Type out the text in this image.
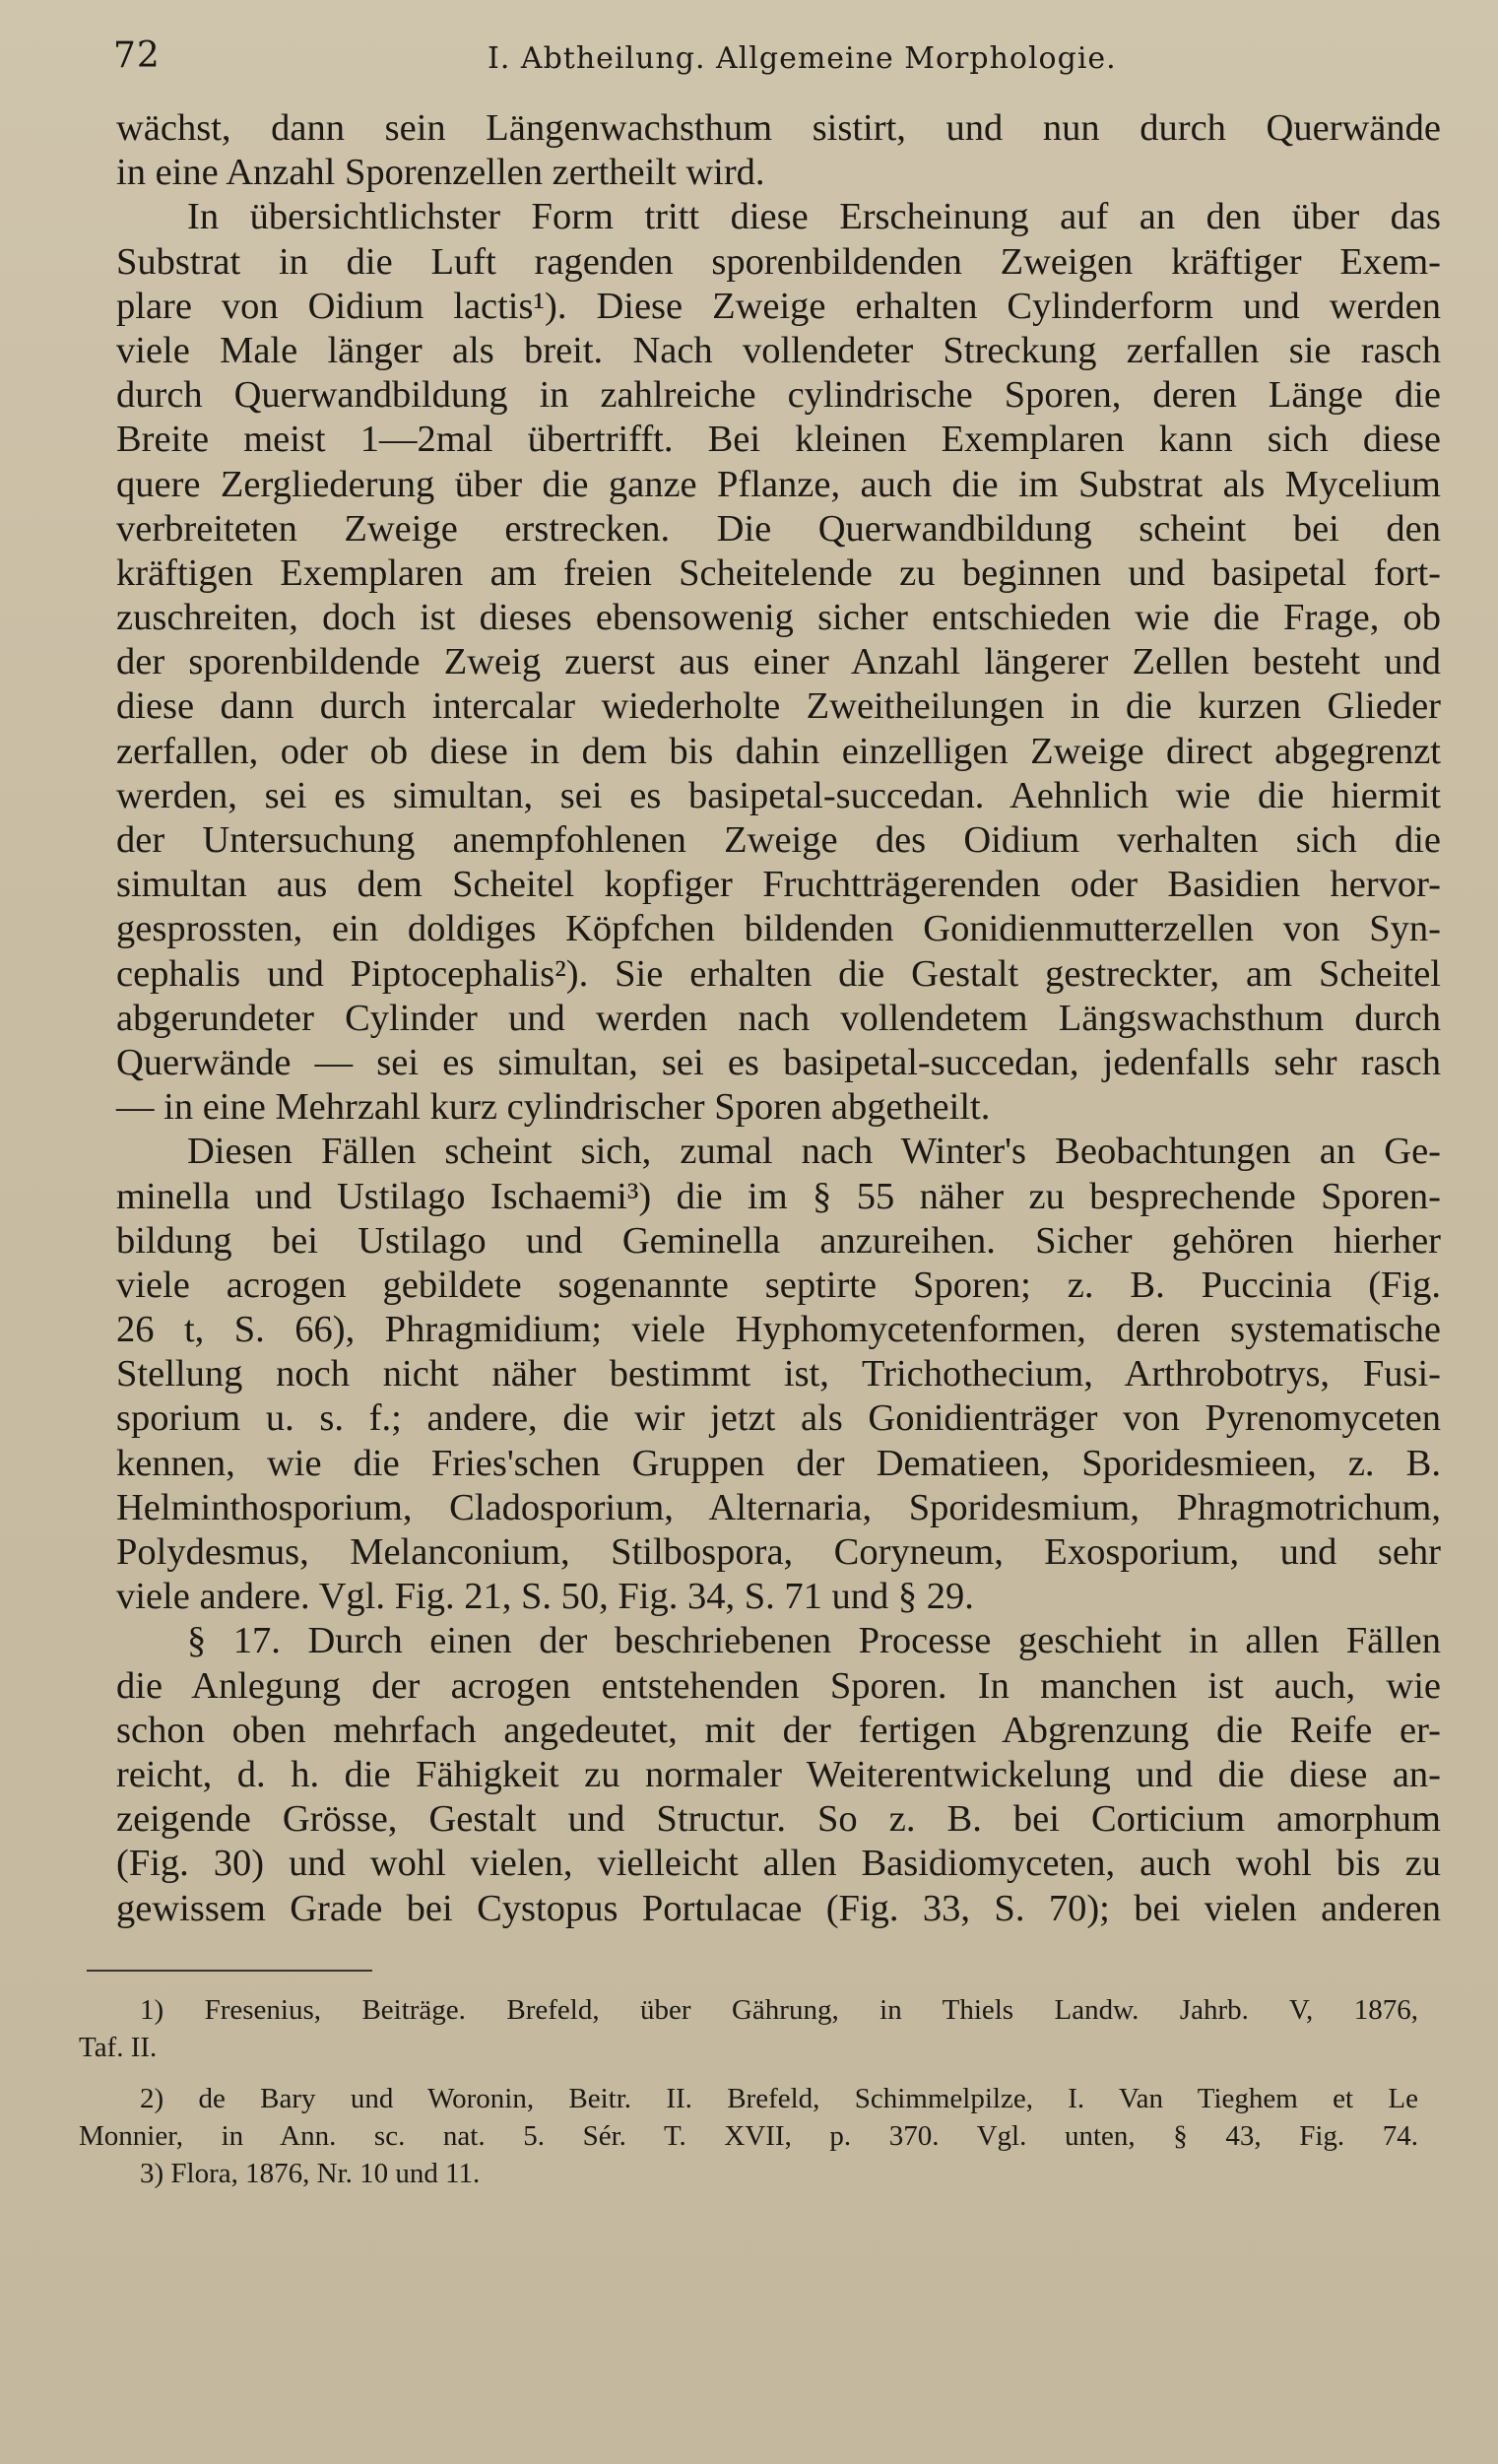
72	I. Abtheilung. Allgemeine Morphologie.
wächst, dann sein Längenwachsthum sistirt, und nun durch Querwände
in eine Anzahl Sporenzellen zertheilt wird.
In übersichtlichster Form tritt diese Erscheinung auf an den über das
Substrat in die Luft ragenden sporenbildenden Zweigen kräftiger Exem-
plare von Oidium lactis¹). Diese Zweige erhalten Cylinderform und werden
viele Male länger als breit. Nach vollendeter Streckung zerfallen sie rasch
durch Querwandbildung in zahlreiche cylindrische Sporen, deren Länge die
Breite meist 1—2mal übertrifft. Bei kleinen Exemplaren kann sich diese
quere Zergliederung über die ganze Pflanze, auch die im Substrat als Mycelium
verbreiteten Zweige erstrecken. Die Querwandbildung scheint bei den
kräftigen Exemplaren am freien Scheitelende zu beginnen und basipetal fort-
zuschreiten, doch ist dieses ebensowenig sicher entschieden wie die Frage, ob
der sporenbildende Zweig zuerst aus einer Anzahl längerer Zellen besteht und
diese dann durch intercalar wiederholte Zweitheilungen in die kurzen Glieder
zerfallen, oder ob diese in dem bis dahin einzelligen Zweige direct abgegrenzt
werden, sei es simultan, sei es basipetal-succedan. Aehnlich wie die hiermit
der Untersuchung anempfohlenen Zweige des Oidium verhalten sich die
simultan aus dem Scheitel kopfiger Fruchtträgerenden oder Basidien hervor-
gesprossten, ein doldiges Köpfchen bildenden Gonidienmutterzellen von Syn-
cephalis und Piptocephalis²). Sie erhalten die Gestalt gestreckter, am Scheitel
abgerundeter Cylinder und werden nach vollendetem Längswachsthum durch
Querwände — sei es simultan, sei es basipetal-succedan, jedenfalls sehr rasch
— in eine Mehrzahl kurz cylindrischer Sporen abgetheilt.
Diesen Fällen scheint sich, zumal nach Winter's Beobachtungen an Ge-
minella und Ustilago Ischaemi³) die im § 55 näher zu besprechende Sporen-
bildung bei Ustilago und Geminella anzureihen. Sicher gehören hierher
viele acrogen gebildete sogenannte septirte Sporen; z. B. Puccinia (Fig.
26 t, S. 66), Phragmidium; viele Hyphomycetenformen, deren systematische
Stellung noch nicht näher bestimmt ist, Trichothecium, Arthrobotrys, Fusi-
sporium u. s. f.; andere, die wir jetzt als Gonidienträger von Pyrenomyceten
kennen, wie die Fries'schen Gruppen der Dematieen, Sporidesmieen, z. B.
Helminthosporium, Cladosporium, Alternaria, Sporidesmium, Phragmotrichum,
Polydesmus, Melanconium, Stilbospora, Coryneum, Exosporium, und sehr
viele andere. Vgl. Fig. 21, S. 50, Fig. 34, S. 71 und § 29.
§ 17. Durch einen der beschriebenen Processe geschieht in allen Fällen
die Anlegung der acrogen entstehenden Sporen. In manchen ist auch, wie
schon oben mehrfach angedeutet, mit der fertigen Abgrenzung die Reife er-
reicht, d. h. die Fähigkeit zu normaler Weiterentwickelung und die diese an-
zeigende Grösse, Gestalt und Structur. So z. B. bei Corticium amorphum
(Fig. 30) und wohl vielen, vielleicht allen Basidiomyceten, auch wohl bis zu
gewissem Grade bei Cystopus Portulacae (Fig. 33, S. 70); bei vielen anderen
1) Fresenius, Beiträge. Brefeld, über Gährung, in Thiels Landw. Jahrb. V, 1876,
Taf. II.
2) de Bary und Woronin, Beitr. II. Brefeld, Schimmelpilze, I. Van Tieghem et Le
Monnier, in Ann. sc. nat. 5. Sér. T. XVII, p. 370. Vgl. unten, § 43, Fig. 74.
3) Flora, 1876, Nr. 10 und 11.
